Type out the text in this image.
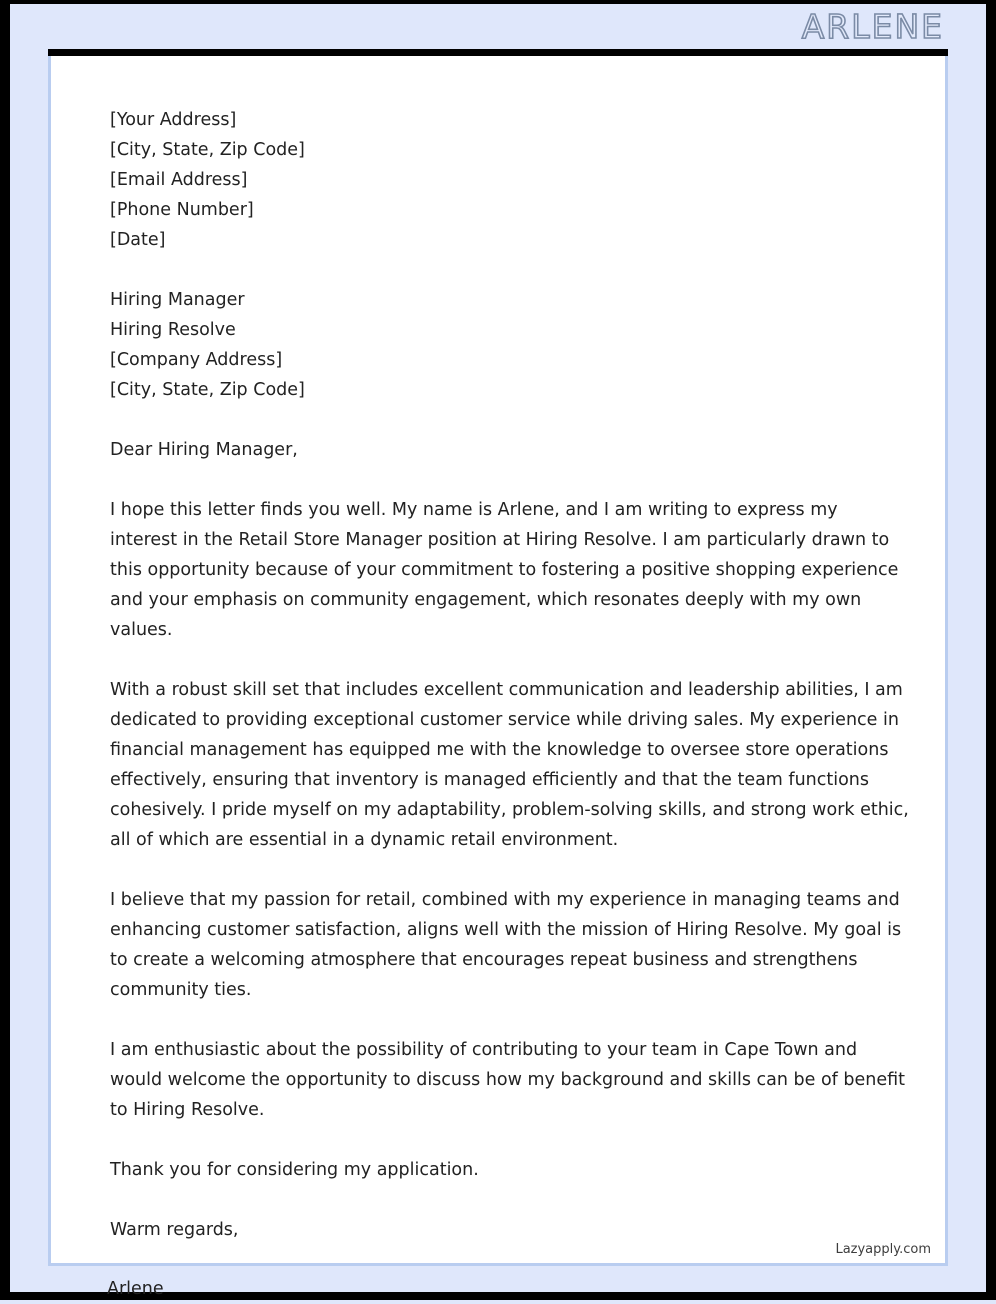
ARLENE
[Your Address]
[City, State, Zip Code]
[Email Address]
[Phone Number]
[Date]
Hiring Manager
Hiring Resolve
[Company Address]
[City, State, Zip Code]
Dear Hiring Manager,
I hope this letter finds you well. My name is Arlene, and I am writing to express my interest in the Retail Store Manager position at Hiring Resolve. I am particularly drawn to this opportunity because of your commitment to fostering a positive shopping experience and your emphasis on community engagement, which resonates deeply with my own values.
With a robust skill set that includes excellent communication and leadership abilities, I am dedicated to providing exceptional customer service while driving sales. My experience in financial management has equipped me with the knowledge to oversee store operations effectively, ensuring that inventory is managed efficiently and that the team functions cohesively. I pride myself on my adaptability, problem-solving skills, and strong work ethic, all of which are essential in a dynamic retail environment.
I believe that my passion for retail, combined with my experience in managing teams and enhancing customer satisfaction, aligns well with the mission of Hiring Resolve. My goal is to create a welcoming atmosphere that encourages repeat business and strengthens community ties.
I am enthusiastic about the possibility of contributing to your team in Cape Town and would welcome the opportunity to discuss how my background and skills can be of benefit to Hiring Resolve.
Thank you for considering my application.
Warm regards,
Lazyapply.com
Arlene
